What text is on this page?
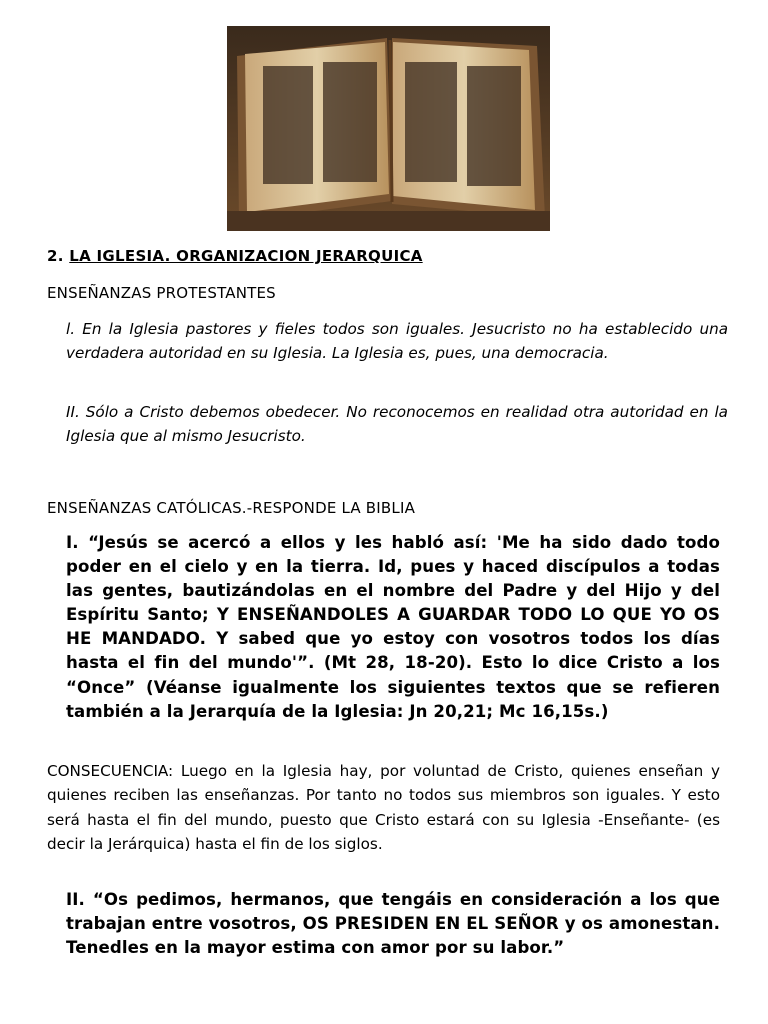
2. LA IGLESIA. ORGANIZACION JERARQUICA
ENSEÑANZAS PROTESTANTES
l. En la Iglesia pastores y fieles todos son iguales. Jesucristo no ha establecido una verdadera autoridad en su Iglesia. La Iglesia es, pues, una democracia.
II. Sólo a Cristo debemos obedecer. No reconocemos en realidad otra autoridad en la Iglesia que al mismo Jesucristo.
ENSEÑANZAS CATÓLICAS.-RESPONDE LA BIBLIA
I. “Jesús se acercó a ellos y les habló así: 'Me ha sido dado todo poder en el cielo y en la tierra. Id, pues y haced discípulos a todas las gentes, bautizándolas en el nombre del Padre y del Hijo y del Espíritu Santo; Y ENSEÑANDOLES A GUARDAR TODO LO QUE YO OS HE MANDADO. Y sabed que yo estoy con vosotros todos los días hasta el fin del mundo'”. (Mt 28, 18-20). Esto lo dice Cristo a los “Once” (Véanse igualmente los siguientes textos que se refieren también a la Jerarquía de la Iglesia: Jn 20,21; Mc 16,15s.)
CONSECUENCIA: Luego en la Iglesia hay, por voluntad de Cristo, quienes enseñan y quienes reciben las enseñanzas. Por tanto no todos sus miembros son iguales. Y esto será hasta el fin del mundo, puesto que Cristo estará con su Iglesia -Enseñante- (es decir la Jerárquica) hasta el fin de los siglos.
II. “Os pedimos, hermanos, que tengáis en consideración a los que trabajan entre vosotros, OS PRESIDEN EN EL SEÑOR y os amonestan. Tenedles en la mayor estima con amor por su labor.”
